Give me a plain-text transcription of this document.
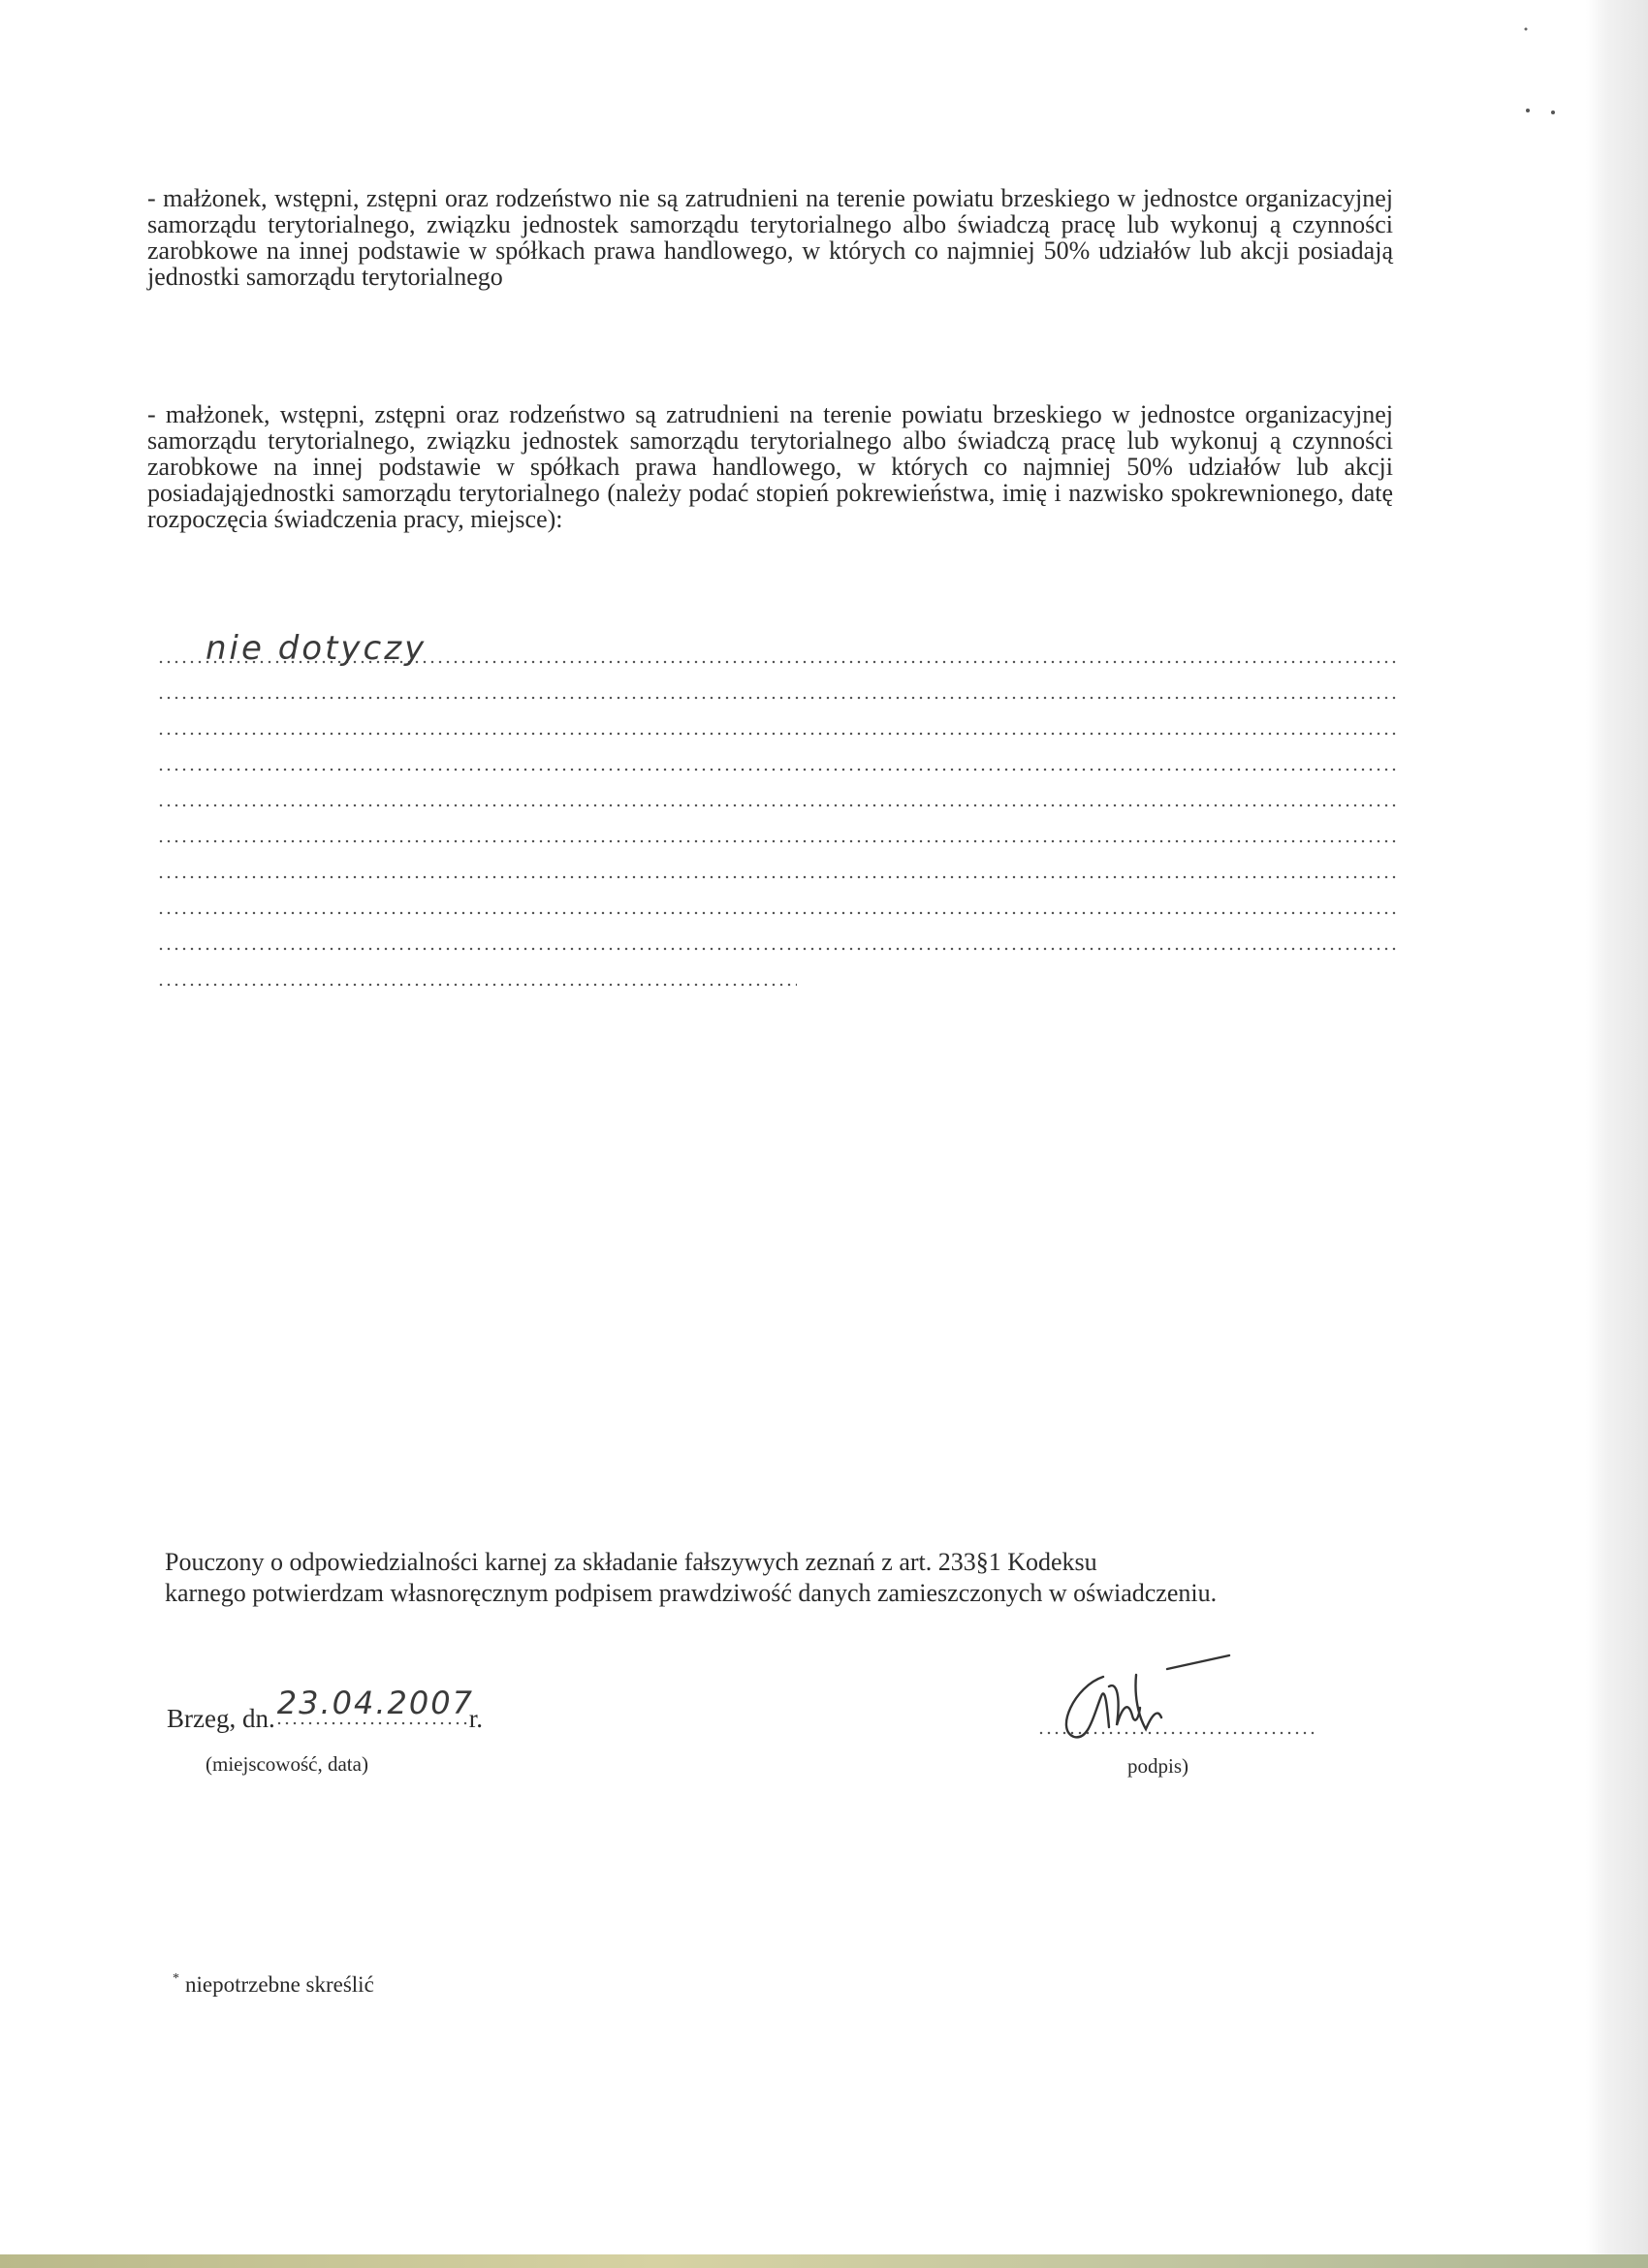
- małżonek, wstępni, zstępni oraz rodzeństwo nie są zatrudnieni na terenie powiatu brzeskiego w jednostce organizacyjnej samorządu terytorialnego, związku jednostek samorządu terytorialnego albo świadczą pracę lub wykonuj ą czynności zarobkowe na innej podstawie w spółkach prawa handlowego, w których co najmniej 50% udziałów lub akcji posiadają jednostki samorządu terytorialnego
- małżonek, wstępni, zstępni oraz rodzeństwo są zatrudnieni na terenie powiatu brzeskiego w jednostce organizacyjnej samorządu terytorialnego, związku jednostek samorządu terytorialnego albo świadczą pracę lub wykonuj ą czynności zarobkowe na innej podstawie w spółkach prawa handlowego, w których co najmniej 50% udziałów lub akcji posiadająjednostki samorządu terytorialnego (należy podać stopień pokrewieństwa, imię i nazwisko spokrewnionego, datę rozpoczęcia świadczenia pracy, miejsce):
nie dotyczy
Pouczony o odpowiedzialności karnej za składanie fałszywych zeznań z art. 233§1 Kodeksu
karnego potwierdzam własnoręcznym podpisem prawdziwość danych zamieszczonych w oświadczeniu.
Brzeg, dn. 23.04.2007
r.
(miejscowość, data)	podpis)
* niepotrzebne skreślić
